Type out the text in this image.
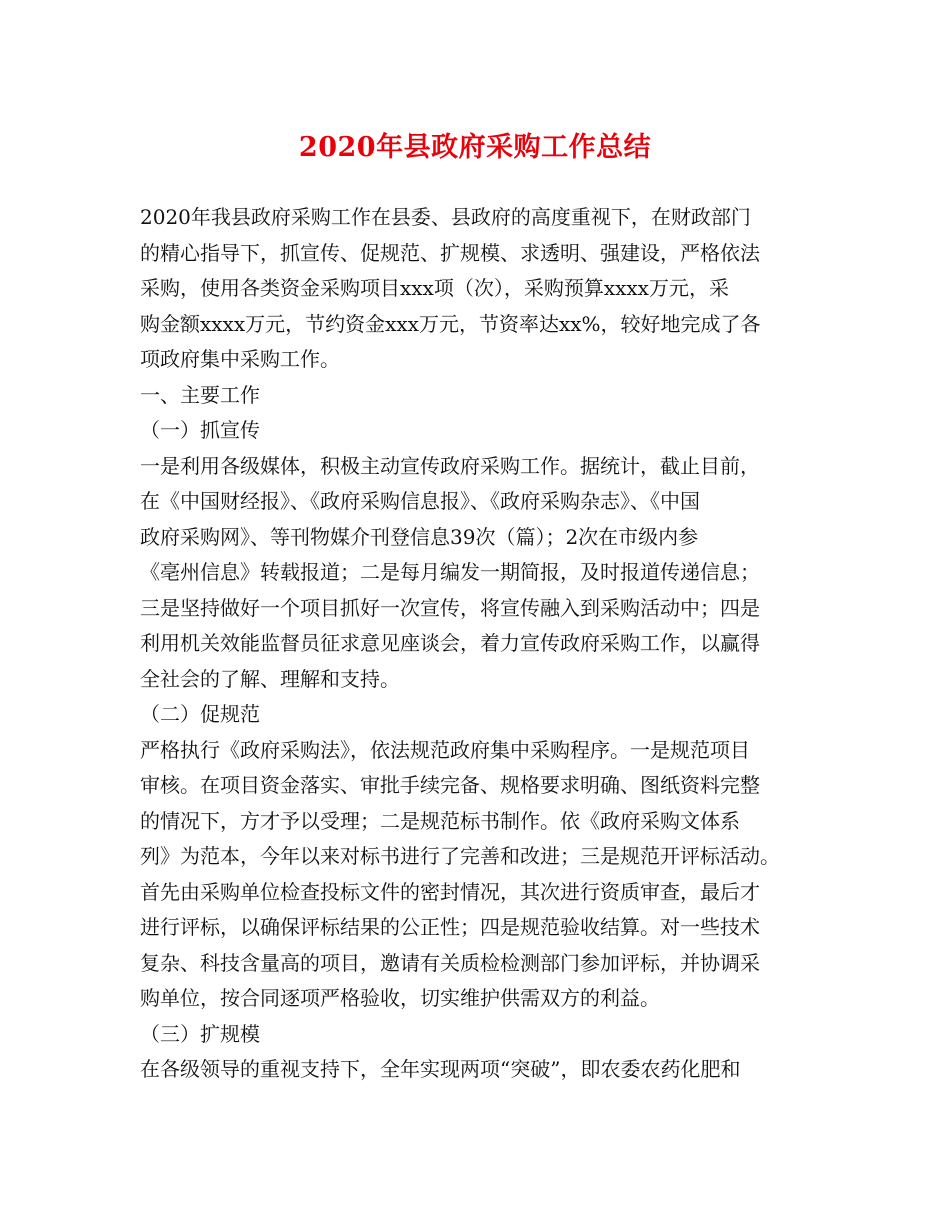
2020年县政府采购工作总结
2020年我县政府采购工作在县委、县政府的高度重视下，在财政部门
的精心指导下，抓宣传、促规范、扩规模、求透明、强建设，严格依法
采购，使用各类资金采购项目xxx项（次），采购预算xxxx万元，采
购金额xxxx万元，节约资金xxx万元，节资率达xx%，较好地完成了各
项政府集中采购工作。
一、主要工作
（一）抓宣传
一是利用各级媒体，积极主动宣传政府采购工作。据统计，截止目前，
在《中国财经报》、《政府采购信息报》、《政府采购杂志》、《中国
政府采购网》、等刊物媒介刊登信息39次（篇）；2次在市级内参
《亳州信息》转载报道；二是每月编发一期简报，及时报道传递信息；
三是坚持做好一个项目抓好一次宣传，将宣传融入到采购活动中；四是
利用机关效能监督员征求意见座谈会，着力宣传政府采购工作，以赢得
全社会的了解、理解和支持。
（二）促规范
严格执行《政府采购法》，依法规范政府集中采购程序。一是规范项目
审核。在项目资金落实、审批手续完备、规格要求明确、图纸资料完整
的情况下，方才予以受理；二是规范标书制作。依《政府采购文体系
列》为范本，今年以来对标书进行了完善和改进；三是规范开评标活动。
首先由采购单位检查投标文件的密封情况，其次进行资质审查，最后才
进行评标，以确保评标结果的公正性；四是规范验收结算。对一些技术
复杂、科技含量高的项目，邀请有关质检检测部门参加评标，并协调采
购单位，按合同逐项严格验收，切实维护供需双方的利益。
（三）扩规模
在各级领导的重视支持下，全年实现两项“突破”，即农委农药化肥和
